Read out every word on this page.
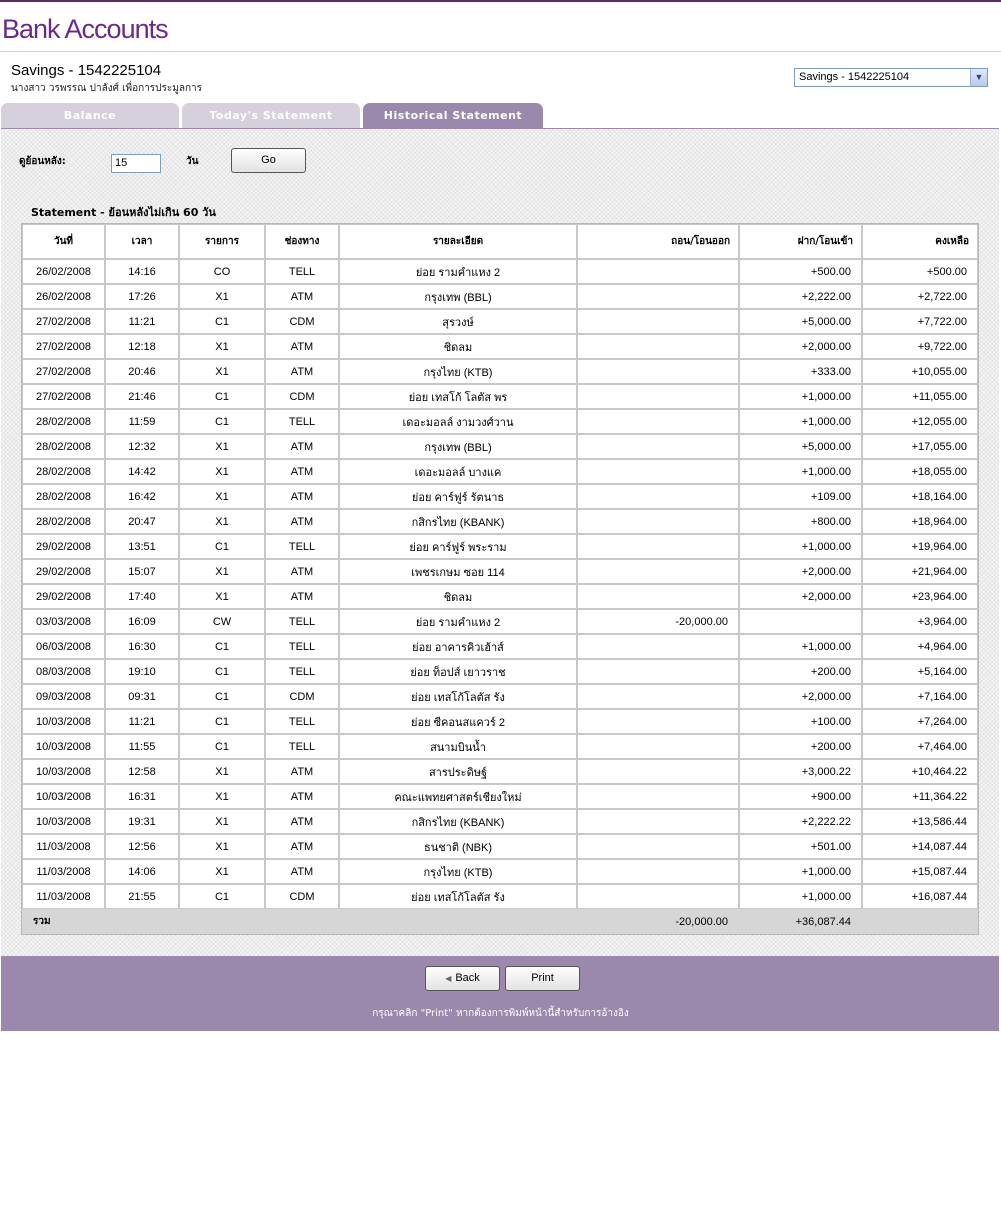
Bank Accounts
Savings - 1542225104
นางสาว วรพรรณ ปาลังศ์ เพื่อการประมูลการ
Savings - 1542225104	▼
Balance	Today's Statement	Historical Statement
ดูย้อนหลัง:	15	วัน	Go
Statement - ย้อนหลังไม่เกิน 60 วัน
วันที่	เวลา	รายการ	ช่องทาง	รายละเอียด	ถอน/โอนออก	ฝาก/โอนเข้า	คงเหลือ
26/02/2008	14:16	CO	TELL	ย่อย รามคำแหง 2		+500.00	+500.00
26/02/2008	17:26	X1	ATM	กรุงเทพ (BBL)		+2,222.00	+2,722.00
27/02/2008	11:21	C1	CDM	สุรวงษ์		+5,000.00	+7,722.00
27/02/2008	12:18	X1	ATM	ชิดลม		+2,000.00	+9,722.00
27/02/2008	20:46	X1	ATM	กรุงไทย (KTB)		+333.00	+10,055.00
27/02/2008	21:46	C1	CDM	ย่อย เทสโก้ โลตัส พร		+1,000.00	+11,055.00
28/02/2008	11:59	C1	TELL	เดอะมอลล์ งามวงศ์วาน		+1,000.00	+12,055.00
28/02/2008	12:32	X1	ATM	กรุงเทพ (BBL)		+5,000.00	+17,055.00
28/02/2008	14:42	X1	ATM	เดอะมอลล์ บางแค		+1,000.00	+18,055.00
28/02/2008	16:42	X1	ATM	ย่อย คาร์ฟูร์ รัตนาธ		+109.00	+18,164.00
28/02/2008	20:47	X1	ATM	กสิกรไทย (KBANK)		+800.00	+18,964.00
29/02/2008	13:51	C1	TELL	ย่อย คาร์ฟูร์ พระราม		+1,000.00	+19,964.00
29/02/2008	15:07	X1	ATM	เพชรเกษม ซอย 114		+2,000.00	+21,964.00
29/02/2008	17:40	X1	ATM	ชิดลม		+2,000.00	+23,964.00
03/03/2008	16:09	CW	TELL	ย่อย รามคำแหง 2	-20,000.00		+3,964.00
06/03/2008	16:30	C1	TELL	ย่อย อาคารคิวเฮ้าส์		+1,000.00	+4,964.00
08/03/2008	19:10	C1	TELL	ย่อย ท็อปส์ เยาวราช		+200.00	+5,164.00
09/03/2008	09:31	C1	CDM	ย่อย เทสโก้โลตัส รัง		+2,000.00	+7,164.00
10/03/2008	11:21	C1	TELL	ย่อย ซีคอนสแควร์ 2		+100.00	+7,264.00
10/03/2008	11:55	C1	TELL	สนามบินน้ำ		+200.00	+7,464.00
10/03/2008	12:58	X1	ATM	สารประดิษฐ์		+3,000.22	+10,464.22
10/03/2008	16:31	X1	ATM	คณะแพทยศาสตร์เชียงใหม่		+900.00	+11,364.22
10/03/2008	19:31	X1	ATM	กสิกรไทย (KBANK)		+2,222.22	+13,586.44
11/03/2008	12:56	X1	ATM	ธนชาติ (NBK)		+501.00	+14,087.44
11/03/2008	14:06	X1	ATM	กรุงไทย (KTB)		+1,000.00	+15,087.44
11/03/2008	21:55	C1	CDM	ย่อย เทสโก้โลตัส รัง		+1,000.00	+16,087.44
รวม					-20,000.00	+36,087.44	
◀ Back	Print
กรุณาคลิก "Print" หากต้องการพิมพ์หน้านี้สำหรับการอ้างอิง
